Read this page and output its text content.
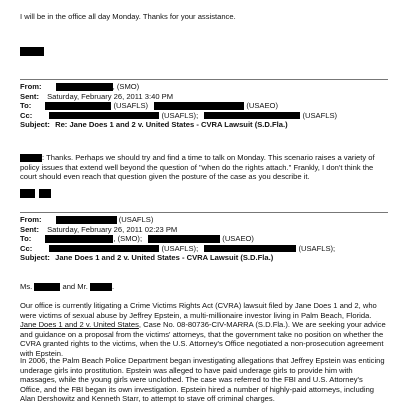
I will be in the office all day Monday. Thanks for your assistance.
From:	, (SMO)
Sent: Saturday, February 26, 2011 3:40 PM
To:	(USAFLS)	(USAEO)
Cc:	(USAFLS);	(USAFLS)
Subject: Re: Jane Does 1 and 2 v. United States - CVRA Lawsuit (S.D.Fla.)
: Thanks. Perhaps we should try and find a time to talk on Monday. This scenario raises a variety of policy issues that extend well beyond the question of "when do the rights attach." Frankly, I don't think the court should even reach that question given the posture of the case as you describe it.
From:	(USAFLS)
Sent: Saturday, February 26, 2011 02:23 PM
To:	, (SMO);	(USAEO)
Cc:	(USAFLS);	(USAFLS);
Subject: Jane Does 1 and 2 v. United States - CVRA Lawsuit (S.D.Fla.)
Ms.	and Mr.	.
Our office is currently litigating a Crime Victims Rights Act (CVRA) lawsuit filed by Jane Does 1 and 2, who were victims of sexual abuse by Jeffrey Epstein, a multi-millionaire investor living in Palm Beach, Florida. Jane Does 1 and 2 v. United States, Case No. 08-80736-CIV-MARRA (S.D.Fla.). We are seeking your advice and guidance on a proposal from the victims' attorneys, that the government take no position on whether the CVRA granted rights to the victims, when the U.S. Attorney's Office negotiated a non-prosecution agreement with Epstein.
In 2006, the Palm Beach Police Department began investigating allegations that Jeffrey Epstein was enticing underage girls into prostitution. Epstein was alleged to have paid underage girls to provide him with massages, while the young girls were unclothed. The case was referred to the FBI and U.S. Attorney's Office, and the FBI began its own investigation. Epstein hired a number of highly-paid attorneys, including Alan Dershowitz and Kenneth Starr, to attempt to stave off criminal charges.
